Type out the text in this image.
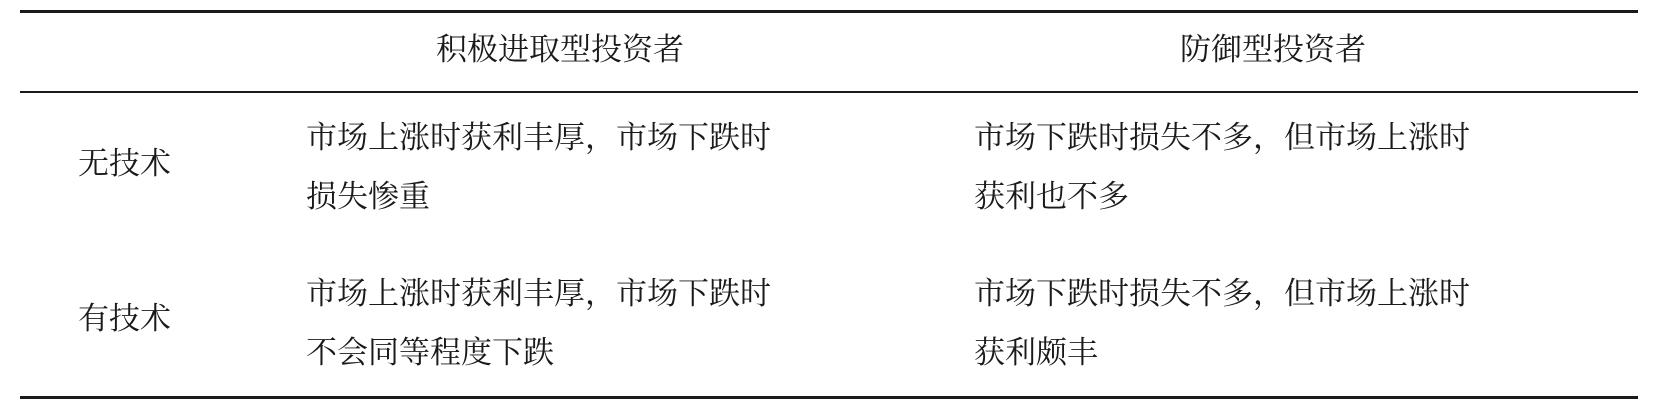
积极进取型投资者	防御型投资者
无技术
市场上涨时获利丰厚，市场下跌时
损失惨重
市场下跌时损失不多，但市场上涨时
获利也不多
有技术
市场上涨时获利丰厚，市场下跌时
不会同等程度下跌
市场下跌时损失不多，但市场上涨时
获利颇丰
